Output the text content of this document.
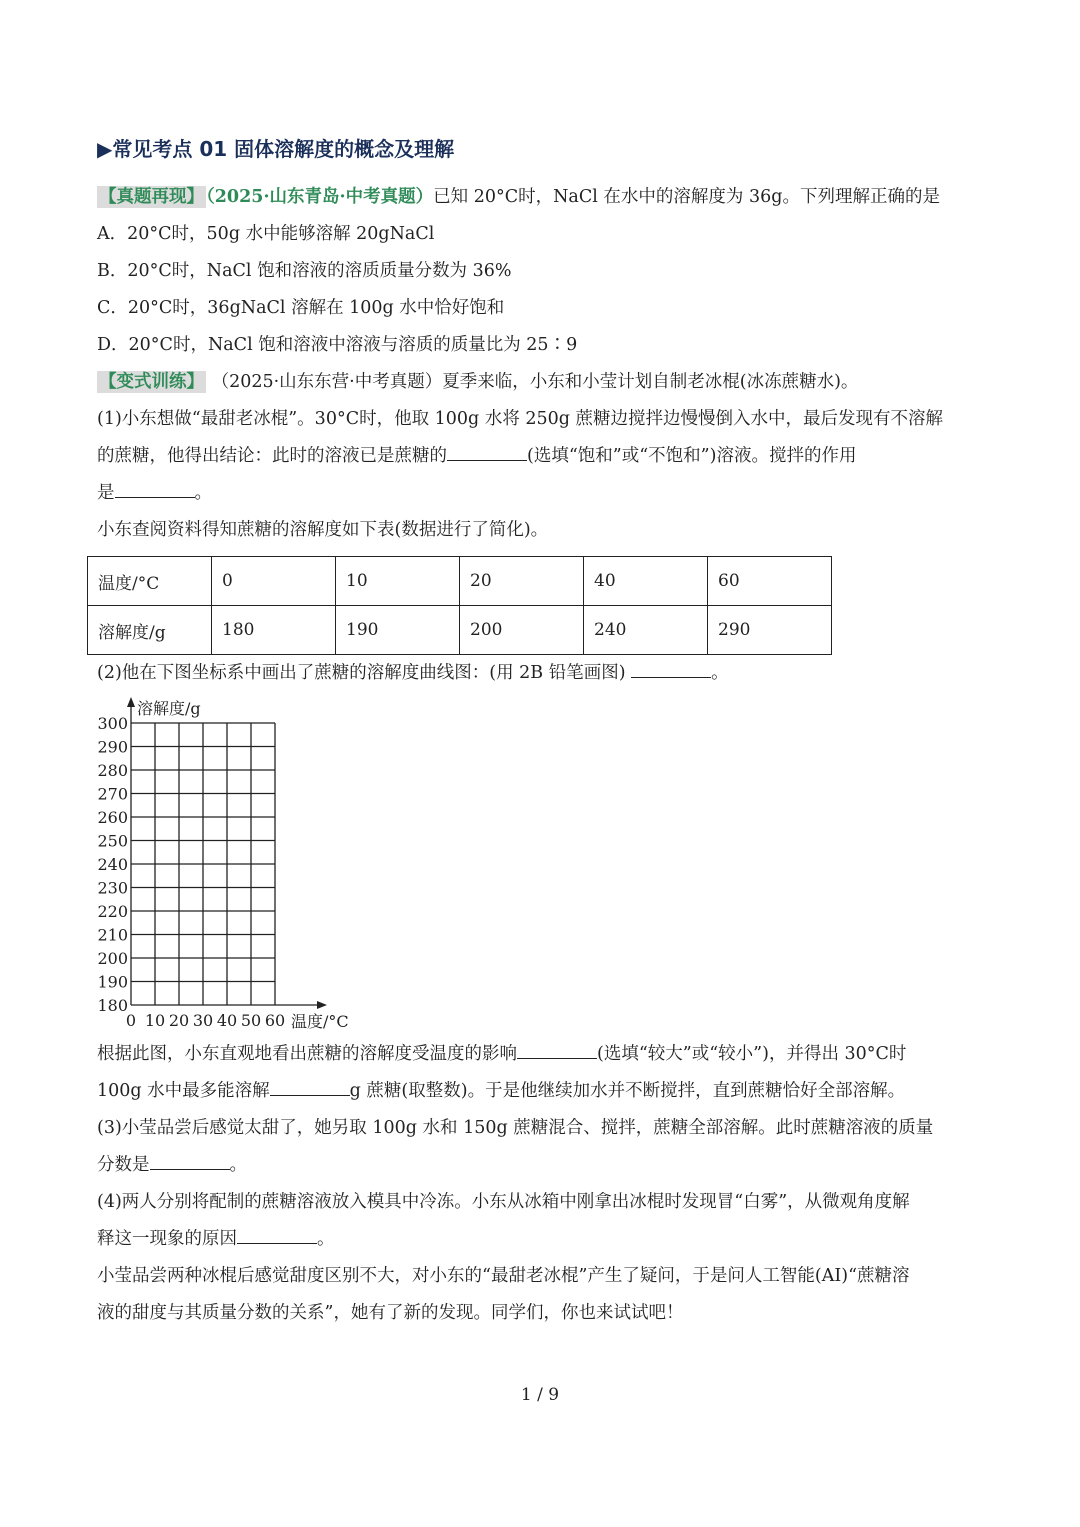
▶常见考点 01 固体溶解度的概念及理解
【真题再现】 （2025·山东青岛·中考真题）已知 20°C时，NaCl 在水中的溶解度为 36g。下列理解正确的是
A．20°C时，50g 水中能够溶解 20gNaCl
B．20°C时，NaCl 饱和溶液的溶质质量分数为 36%
C．20°C时，36gNaCl 溶解在 100g 水中恰好饱和
D．20°C时，NaCl 饱和溶液中溶液与溶质的质量比为 25∶9
【变式训练】 （2025·山东东营·中考真题）夏季来临，小东和小莹计划自制老冰棍(冰冻蔗糖水)。
(1)小东想做“最甜老冰棍”。30°C时，他取 100g 水将 250g 蔗糖边搅拌边慢慢倒入水中，最后发现有不溶解
的蔗糖，他得出结论：此时的溶液已是蔗糖的	(选填“饱和”或“不饱和”)溶液。搅拌的作用
是	。
小东查阅资料得知蔗糖的溶解度如下表(数据进行了简化)。
温度/°C	0	10	20	40	60
溶解度/g	180	190	200	240	290
(2)他在下图坐标系中画出了蔗糖的溶解度曲线图：(用 2B 铅笔画图)	。
180
190
200
210
220
230
240
250
260
270
280
290
300
0 10 20 30 40 50 60 温度/°C
溶解度/g
根据此图，小东直观地看出蔗糖的溶解度受温度的影响	(选填“较大”或“较小”)，并得出 30°C时
100g 水中最多能溶解	g 蔗糖(取整数)。于是他继续加水并不断搅拌，直到蔗糖恰好全部溶解。
(3)小莹品尝后感觉太甜了，她另取 100g 水和 150g 蔗糖混合、搅拌，蔗糖全部溶解。此时蔗糖溶液的质量
分数是	。
(4)两人分别将配制的蔗糖溶液放入模具中冷冻。小东从冰箱中刚拿出冰棍时发现冒“白雾”，从微观角度解
释这一现象的原因	。
小莹品尝两种冰棍后感觉甜度区别不大，对小东的“最甜老冰棍”产生了疑问，于是问人工智能(AI)“蔗糖溶
液的甜度与其质量分数的关系”，她有了新的发现。同学们，你也来试试吧！
1 / 9
